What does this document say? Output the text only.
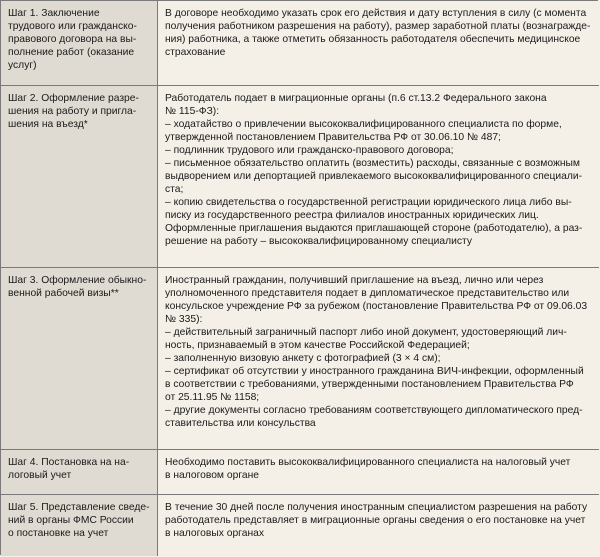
Шаг 1. Заключение
трудового или гражданско-
правового договора на вы-
полнение работ (оказание
услуг)
В договоре необходимо указать срок его действия и дату вступления в силу (с момента
получения работником разрешения на работу), размер заработной платы (вознагражде-
ния) работника, а также отметить обязанность работодателя обеспечить медицинское
страхование
Шаг 2. Оформление разре-
шения на работу и пригла-
шения на въезд*
Работодатель подает в миграционные органы (п.6 ст.13.2 Федерального закона
№ 115-ФЗ):
– ходатайство о привлечении высококвалифицированного специалиста по форме,
утвержденной постановлением Правительства РФ от 30.06.10 № 487;
– подлинник трудового или гражданско-правового договора;
– письменное обязательство оплатить (возместить) расходы, связанные с возможным
выдворением или депортацией привлекаемого высококвалифицированного специали-
ста;
– копию свидетельства о государственной регистрации юридического лица либо вы-
писку из государственного реестра филиалов иностранных юридических лиц.
Оформленные приглашения выдаются приглашающей стороне (работодателю), а раз-
решение на работу – высококвалифицированному специалисту
Шаг 3. Оформление обыкно-
венной рабочей визы**
Иностранный гражданин, получивший приглашение на въезд, лично или через
уполномоченного представителя подает в дипломатическое представительство или
консульское учреждение РФ за рубежом (постановление Правительства РФ от 09.06.03
№ 335):
– действительный заграничный паспорт либо иной документ, удостоверяющий лич-
ность, признаваемый в этом качестве Российской Федерацией;
– заполненную визовую анкету с фотографией (3 × 4 см);
– сертификат об отсутствии у иностранного гражданина ВИЧ-инфекции, оформленный
в соответствии с требованиями, утвержденными постановлением Правительства РФ
от 25.11.95 № 1158;
– другие документы согласно требованиям соответствующего дипломатического пред-
ставительства или консульства
Шаг 4. Постановка на на-
логовый учет
Необходимо поставить высококвалифицированного специалиста на налоговый учет
в налоговом органе
Шаг 5. Представление сведе-
ний в органы ФМС России
о постановке на учет
В течение 30 дней после получения иностранным специалистом разрешения на работу
работодатель представляет в миграционные органы сведения о его постановке на учет
в налоговых органах
